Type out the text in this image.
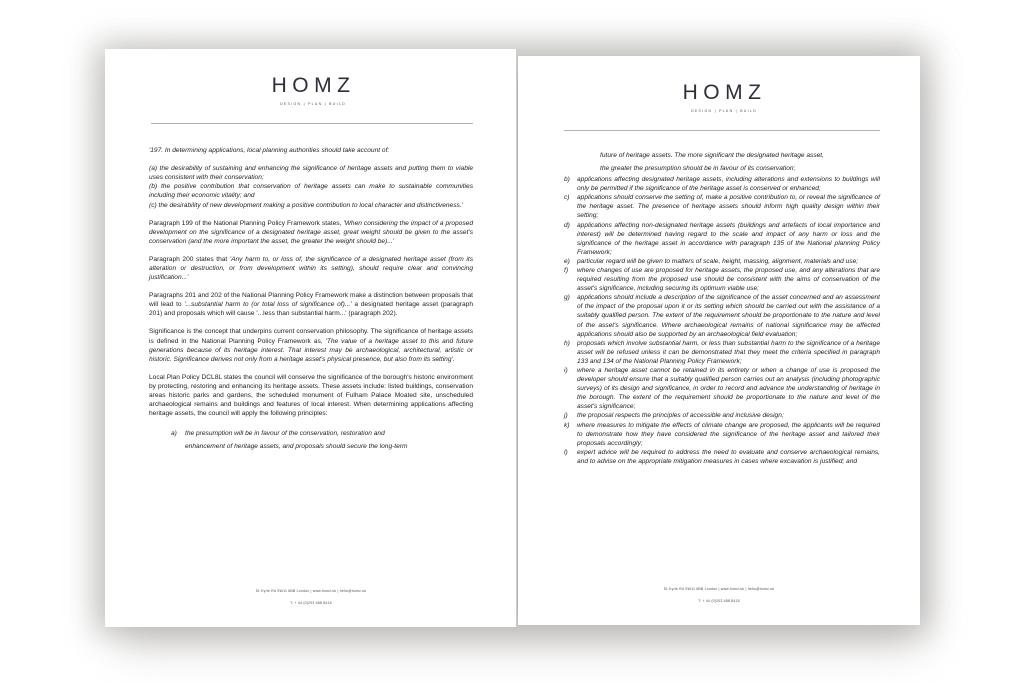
HOMZ
DESIGN | PLAN | BUILD

'197. In determining applications, local planning authorities should take account of:

(a) the desirability of sustaining and enhancing the significance of heritage assets and putting them to viable uses consistent with their conservation;

(b) the positive contribution that conservation of heritage assets can make to sustainable communities including their economic vitality; and

(c) the desirability of new development making a positive contribution to local character and distinctiveness.'

Paragraph 199 of the National Planning Policy Framework states, 'When considering the impact of a proposed development on the significance of a designated heritage asset, great weight should be given to the asset's conservation (and the more important the asset, the greater the weight should be)...'

Paragraph 200 states that 'Any harm to, or loss of, the significance of a designated heritage asset (from its alteration or destruction, or from development within its setting), should require clear and convincing justification...'

Paragraphs 201 and 202 of the National Planning Policy Framework make a distinction between proposals that will lead to '...substantial harm to (or total loss of significance of)...' a designated heritage asset (paragraph 201) and proposals which will cause '...less than substantial harm...' (paragraph 202).

Significance is the concept that underpins current conservation philosophy. The significance of heritage assets is defined in the National Planning Policy Framework as, 'The value of a heritage asset to this and future generations because of its heritage interest. That interest may be archaeological, architectural, artistic or historic. Significance derives not only from a heritage asset's physical presence, but also from its setting'.

Local Plan Policy DCL8L states the council will conserve the significance of the borough's historic environment by protecting, restoring and enhancing its heritage assets. These assets include: listed buildings, conservation areas historic parks and gardens, the scheduled monument of Fulham Palace Moated site, unscheduled archaeological remains and buildings and features of local interest. When determining applications affecting heritage assets, the council will apply the following principles:

a)	the presumption will be in favour of the conservation, restoration and
enhancement of heritage assets, and proposals should secure the long-term
51 Kyrle Rd SW11 6BB London | www.homz.uk | hello@homz.uk
T: + 44 (0)203 488 8415
HOMZ
DESIGN | PLAN | BUILD
future of heritage assets. The more significant the designated heritage asset,
the greater the presumption should be in favour of its conservation;
b)	applications affecting designated heritage assets, including alterations and extensions to buildings will only be permitted if the significance of the heritage asset is conserved or enhanced;
c)	applications should conserve the setting of, make a positive contribution to, or reveal the significance of the heritage asset. The presence of heritage assets should inform high quality design within their setting;
d)	applications affecting non-designated heritage assets (buildings and artefacts of local importance and interest) will be determined having regard to the scale and impact of any harm or loss and the significance of the heritage asset in accordance with paragraph 135 of the National planning Policy Framework;
e)	particular regard will be given to matters of scale, height, massing, alignment, materials and use;
f)	where changes of use are proposed for heritage assets, the proposed use, and any alterations that are required resulting from the proposed use should be consistent with the aims of conservation of the asset's significance, including securing its optimum viable use;
g)	applications should include a description of the significance of the asset concerned and an assessment of the impact of the proposal upon it or its setting which should be carried out with the assistance of a suitably qualified person. The extent of the requirement should be proportionate to the nature and level of the asset's significance. Where archaeological remains of national significance may be affected applications should also be supported by an archaeological field evaluation;
h)	proposals which involve substantial harm, or less than substantial harm to the significance of a heritage asset will be refused unless it can be demonstrated that they meet the criteria specified in paragraph 133 and 134 of the National Planning Policy Framework;
i)	where a heritage asset cannot be retained in its entirety or when a change of use is proposed the developer should ensure that a suitably qualified person carries out an analysis (including photographic surveys) of its design and significance, in order to record and advance the understanding of heritage in the borough. The extent of the requirement should be proportionate to the nature and level of the asset's significance;
j)	the proposal respects the principles of accessible and inclusive design;
k)	where measures to mitigate the effects of climate change are proposed, the applicants will be required to demonstrate how they have considered the significance of the heritage asset and tailored their proposals accordingly;
l)	expert advice will be required to address the need to evaluate and conserve archaeological remains, and to advise on the appropriate mitigation measures in cases where excavation is justified; and
51 Kyrle Rd SW11 6BB London | www.homz.uk | hello@homz.uk
T: + 44 (0)203 488 8415
